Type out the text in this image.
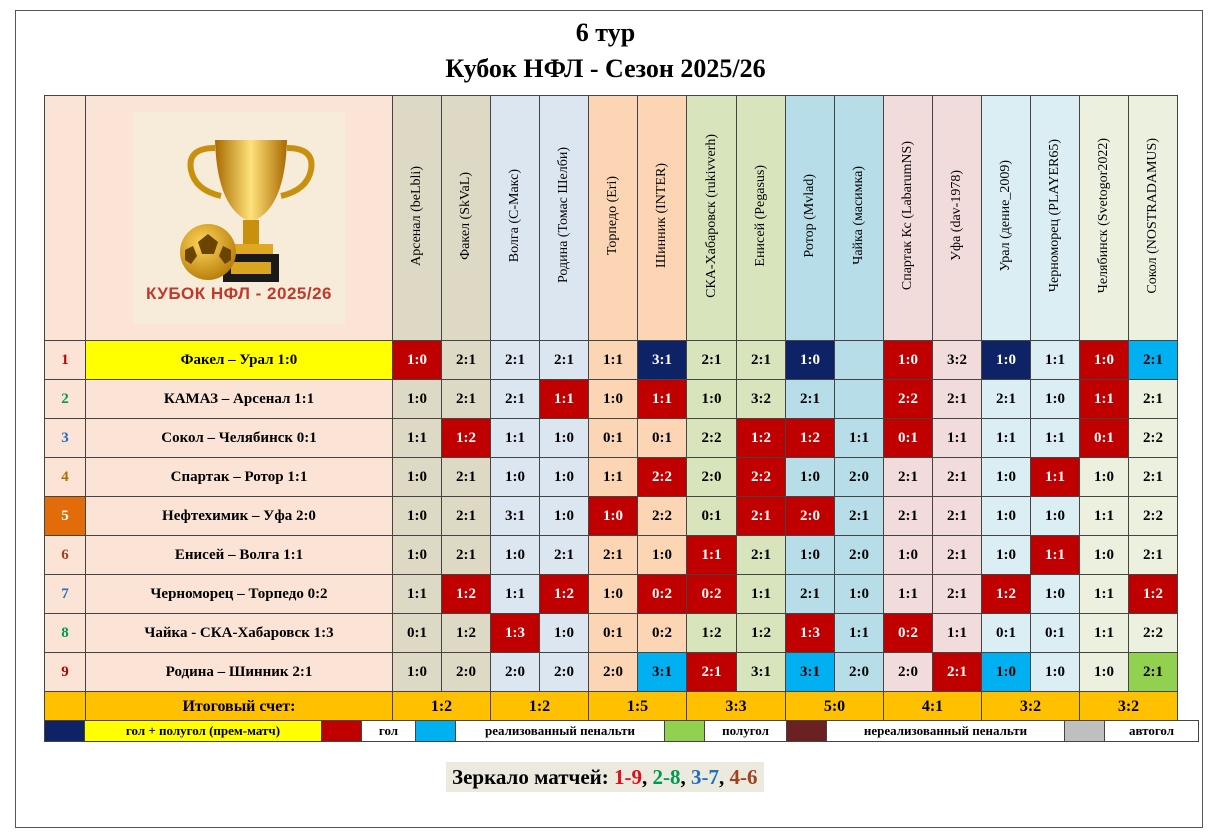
6 тур
Кубок НФЛ - Сезон 2025/26

	КУБОК НФЛ - 2025/26	Арсенал (beLbli)	Факел (SkVaL)	Волга (С-Макс)	Родина (Томас Шелби)	Торпедо (Eri)	Шинник (INTER)	СКА-Хабаровск (rukivverh)	Енисей (Pegasus)	Ротор (Mvlad)	Чайка (масимка)	Спартак Кс (LabarumNS)	Уфа (dav-1978)	Урал (дение_2009)	Черноморец (PLAYER65)	Челябинск (Svetogor2022)	Сокол (NOSTRADAMUS)
1	Факел – Урал 1:0	1:0	2:1	2:1	2:1	1:1	3:1	2:1	2:1	1:0		1:0	3:2	1:0	1:1	1:0	2:1
2	КАМАЗ – Арсенал 1:1	1:0	2:1	2:1	1:1	1:0	1:1	1:0	3:2	2:1		2:2	2:1	2:1	1:0	1:1	2:1
3	Сокол – Челябинск 0:1	1:1	1:2	1:1	1:0	0:1	0:1	2:2	1:2	1:2	1:1	0:1	1:1	1:1	1:1	0:1	2:2
4	Спартак – Ротор 1:1	1:0	2:1	1:0	1:0	1:1	2:2	2:0	2:2	1:0	2:0	2:1	2:1	1:0	1:1	1:0	2:1
5	Нефтехимик – Уфа 2:0	1:0	2:1	3:1	1:0	1:0	2:2	0:1	2:1	2:0	2:1	2:1	2:1	1:0	1:0	1:1	2:2
6	Енисей – Волга 1:1	1:0	2:1	1:0	2:1	2:1	1:0	1:1	2:1	1:0	2:0	1:0	2:1	1:0	1:1	1:0	2:1
7	Черноморец – Торпедо 0:2	1:1	1:2	1:1	1:2	1:0	0:2	0:2	1:1	2:1	1:0	1:1	2:1	1:2	1:0	1:1	1:2
8	Чайка - СКА-Хабаровск 1:3	0:1	1:2	1:3	1:0	0:1	0:2	1:2	1:2	1:3	1:1	0:2	1:1	0:1	0:1	1:1	2:2
9	Родина – Шинник 2:1	1:0	2:0	2:0	2:0	2:0	3:1	2:1	3:1	3:1	2:0	2:0	2:1	1:0	1:0	1:0	2:1
	Итоговый счет:	1:2		1:2		1:5		3:3		5:0		4:1		3:2		3:2	
	гол + полугол (прем-матч)		гол		реализованный пенальти		полугол		нереализованный пенальти		автогол
Зеркало матчей: 1-9, 2-8, 3-7, 4-6
